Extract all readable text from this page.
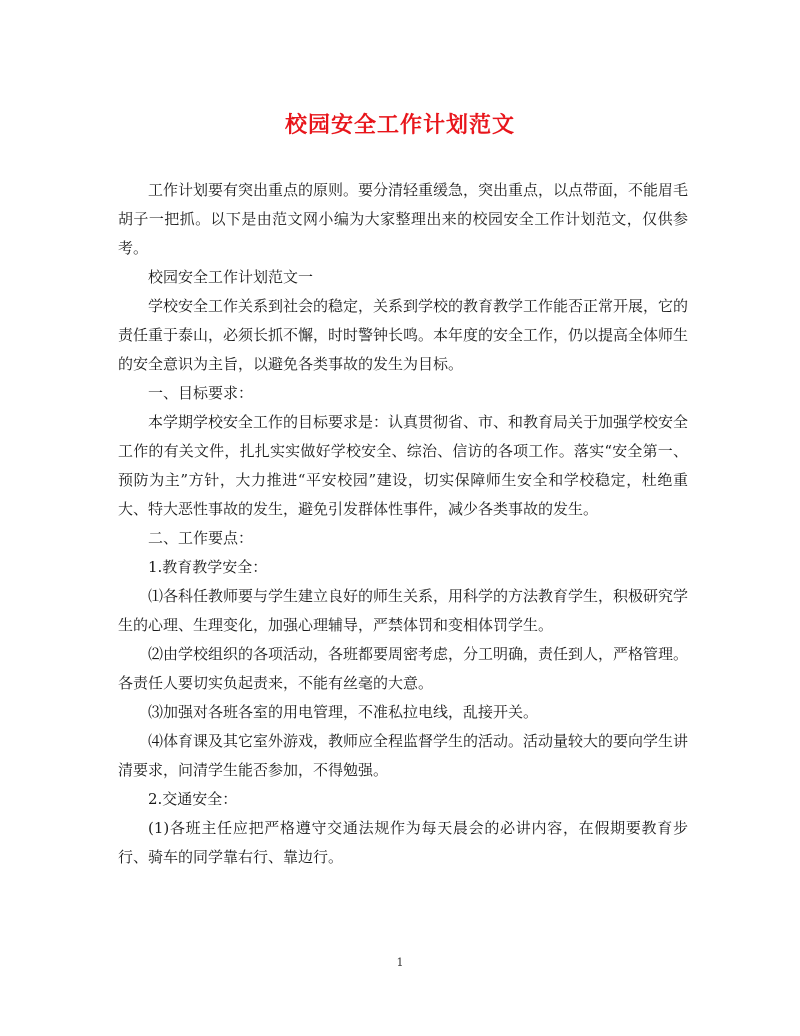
校园安全工作计划范文

工作计划要有突出重点的原则。要分清轻重缓急，突出重点，以点带面，不能眉毛胡子一把抓。以下是由范文网小编为大家整理出来的校园安全工作计划范文，仅供参考。

校园安全工作计划范文一

学校安全工作关系到社会的稳定，关系到学校的教育教学工作能否正常开展，它的责任重于泰山，必须长抓不懈，时时警钟长鸣。本年度的安全工作，仍以提高全体师生的安全意识为主旨，以避免各类事故的发生为目标。

一、目标要求：

本学期学校安全工作的目标要求是：认真贯彻省、市、和教育局关于加强学校安全工作的有关文件，扎扎实实做好学校安全、综治、信访的各项工作。落实“安全第一、预防为主”方针，大力推进“平安校园”建设，切实保障师生安全和学校稳定，杜绝重大、特大恶性事故的发生，避免引发群体性事件，减少各类事故的发生。

二、工作要点：

1.教育教学安全：

⑴各科任教师要与学生建立良好的师生关系，用科学的方法教育学生，积极研究学生的心理、生理变化，加强心理辅导，严禁体罚和变相体罚学生。

⑵由学校组织的各项活动，各班都要周密考虑，分工明确，责任到人，严格管理。各责任人要切实负起责来，不能有丝毫的大意。

⑶加强对各班各室的用电管理，不准私拉电线，乱接开关。

⑷体育课及其它室外游戏，教师应全程监督学生的活动。活动量较大的要向学生讲清要求，问清学生能否参加，不得勉强。

2.交通安全：

(1)各班主任应把严格遵守交通法规作为每天晨会的必讲内容，在假期要教育步行、骑车的同学靠右行、靠边行。

1
